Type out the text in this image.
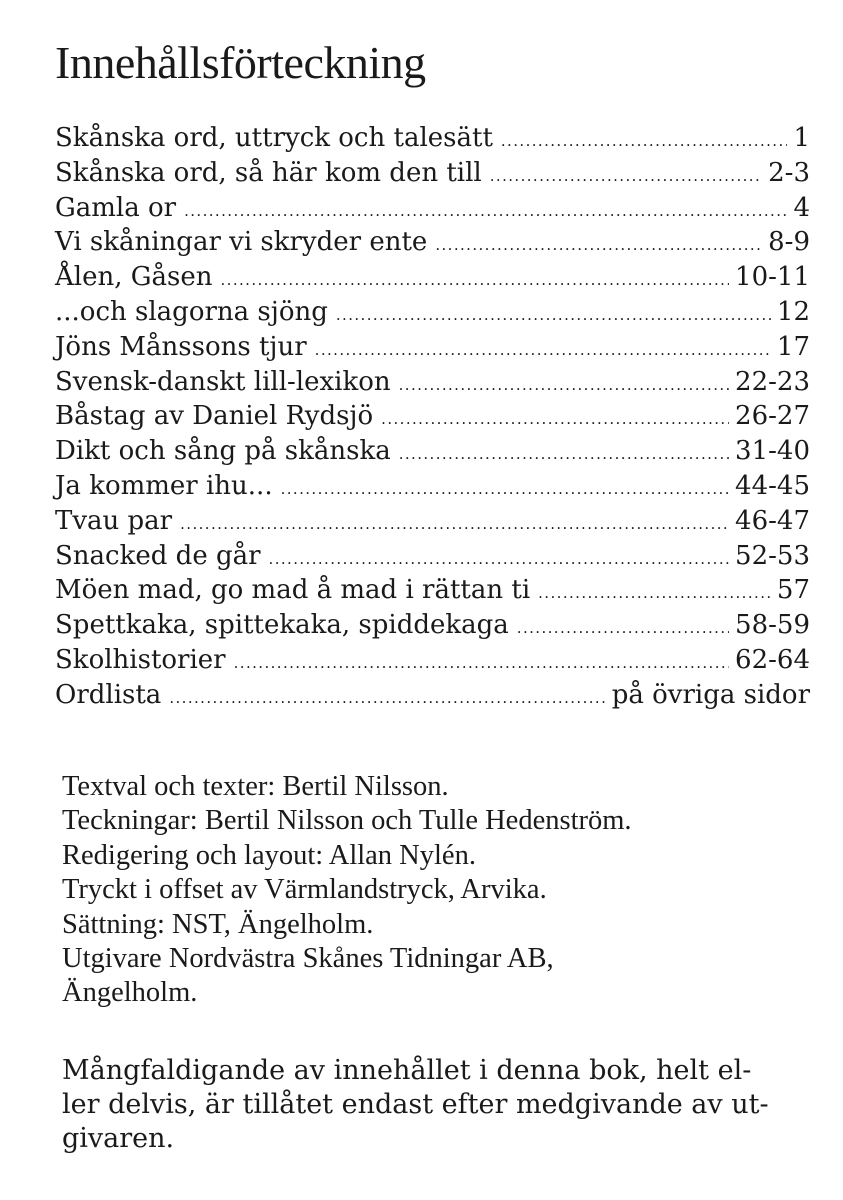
Innehållsförteckning
Skånska ord, uttryck och talesätt .....	1
Skånska ord, så här kom den till .....	2-3
Gamla or .....	4
Vi skåningar vi skryder ente .....	8-9
Ålen, Gåsen .....	10-11
...och slagorna sjöng .....	12
Jöns Månssons tjur .....	17
Svensk-danskt lill-lexikon .....	22-23
Båstag av Daniel Rydsjö .....	26-27
Dikt och sång på skånska .....	31-40
Ja kommer ihu... .....	44-45
Tvau par .....	46-47
Snacked de går .....	52-53
Möen mad, go mad å mad i rättan ti .....	57
Spettkaka, spittekaka, spiddekaga .....	58-59
Skolhistorier .....	62-64
Ordlista .....	på övriga sidor
Textval och texter: Bertil Nilsson.
Teckningar: Bertil Nilsson och Tulle Hedenström.
Redigering och layout: Allan Nylén.
Tryckt i offset av Värmlandstryck, Arvika.
Sättning: NST, Ängelholm.
Utgivare Nordvästra Skånes Tidningar AB,
Ängelholm.
Mångfaldigande av innehållet i denna bok, helt el-
ler delvis, är tillåtet endast efter medgivande av ut-
givaren.
